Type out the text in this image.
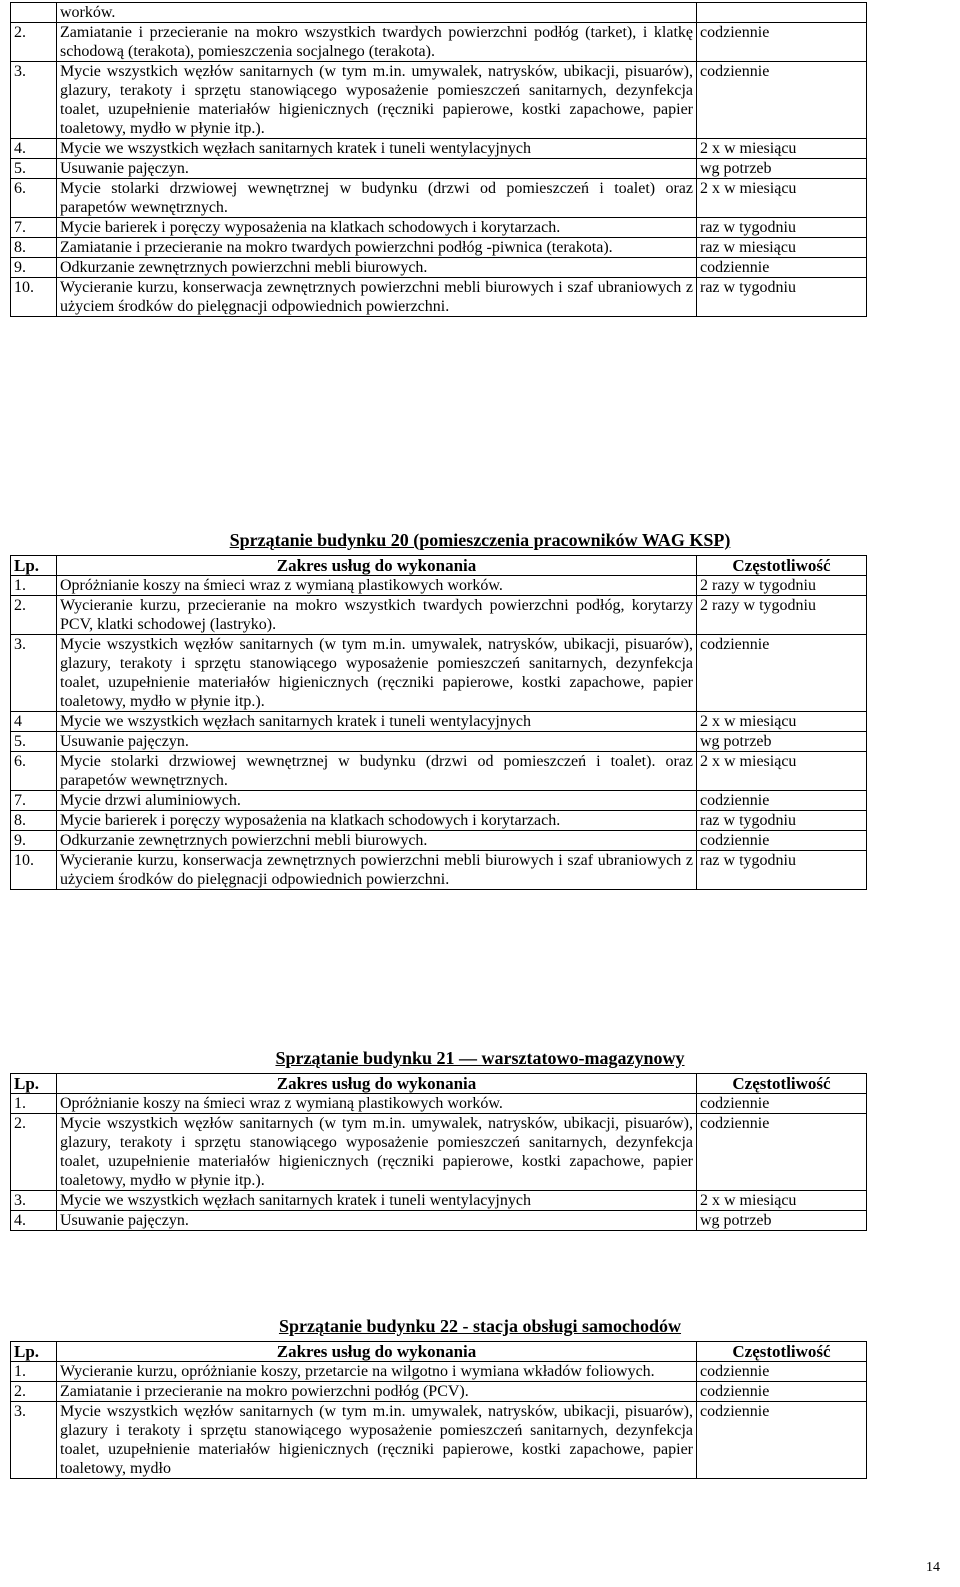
	worków.	
2.	Zamiatanie i przecieranie na mokro wszystkich twardych powierzchni podłóg (tarket), i klatkę schodową (terakota), pomieszczenia socjalnego (terakota).	codziennie
3.	Mycie wszystkich węzłów sanitarnych (w tym m.in. umywalek, natrysków, ubikacji, pisuarów), glazury, terakoty i sprzętu stanowiącego wyposażenie pomieszczeń sanitarnych, dezynfekcja toalet, uzupełnienie materiałów higienicznych (ręczniki papierowe, kostki zapachowe, papier toaletowy, mydło w płynie itp.).	codziennie
4.	Mycie we wszystkich węzłach sanitarnych kratek i tuneli wentylacyjnych	2 x w miesiącu
5.	Usuwanie pajęczyn.	wg potrzeb
6.	Mycie stolarki drzwiowej wewnętrznej w budynku (drzwi od pomieszczeń i toalet) oraz parapetów wewnętrznych.	2 x w miesiącu
7.	Mycie barierek i poręczy wyposażenia na klatkach schodowych i korytarzach.	raz w tygodniu
8.	Zamiatanie i przecieranie na mokro twardych powierzchni podłóg -piwnica (terakota).	raz w miesiącu
9.	Odkurzanie zewnętrznych powierzchni mebli biurowych.	codziennie
10.	Wycieranie kurzu, konserwacja zewnętrznych powierzchni mebli biurowych i szaf ubraniowych z użyciem środków do pielęgnacji odpowiednich powierzchni.	raz w tygodniu
Sprzątanie budynku 20 (pomieszczenia pracowników WAG KSP)
Lp.	Zakres usług do wykonania	Częstotliwość
1.	Opróżnianie koszy na śmieci wraz z wymianą plastikowych worków.	2 razy w tygodniu
2.	Wycieranie kurzu, przecieranie na mokro wszystkich twardych powierzchni podłóg, korytarzy PCV, klatki schodowej (lastryko).	2 razy w tygodniu
3.	Mycie wszystkich węzłów sanitarnych (w tym m.in. umywalek, natrysków, ubikacji, pisuarów), glazury, terakoty i sprzętu stanowiącego wyposażenie pomieszczeń sanitarnych, dezynfekcja toalet, uzupełnienie materiałów higienicznych (ręczniki papierowe, kostki zapachowe, papier toaletowy, mydło w płynie itp.).	codziennie
4	Mycie we wszystkich węzłach sanitarnych kratek i tuneli wentylacyjnych	2 x w miesiącu
5.	Usuwanie pajęczyn.	wg potrzeb
6.	Mycie stolarki drzwiowej wewnętrznej w budynku (drzwi od pomieszczeń i toalet). oraz parapetów wewnętrznych.	2 x w miesiącu
7.	Mycie drzwi aluminiowych.	codziennie
8.	Mycie barierek i poręczy wyposażenia na klatkach schodowych i korytarzach.	raz w tygodniu
9.	Odkurzanie zewnętrznych powierzchni mebli biurowych.	codziennie
10.	Wycieranie kurzu, konserwacja zewnętrznych powierzchni mebli biurowych i szaf ubraniowych z użyciem środków do pielęgnacji odpowiednich powierzchni.	raz w tygodniu
Sprzątanie budynku 21 — warsztatowo-magazynowy
Lp.	Zakres usług do wykonania	Częstotliwość
1.	Opróżnianie koszy na śmieci wraz z wymianą plastikowych worków.	codziennie
2.	Mycie wszystkich węzłów sanitarnych (w tym m.in. umywalek, natrysków, ubikacji, pisuarów), glazury, terakoty i sprzętu stanowiącego wyposażenie pomieszczeń sanitarnych, dezynfekcja toalet, uzupełnienie materiałów higienicznych (ręczniki papierowe, kostki zapachowe, papier toaletowy, mydło w płynie itp.).	codziennie
3.	Mycie we wszystkich węzłach sanitarnych kratek i tuneli wentylacyjnych	2 x w miesiącu
4.	Usuwanie pajęczyn.	wg potrzeb
Sprzątanie budynku 22 - stacja obsługi samochodów
Lp.	Zakres usług do wykonania	Częstotliwość
1.	Wycieranie kurzu, opróżnianie koszy, przetarcie na wilgotno i wymiana wkładów foliowych.	codziennie
2.	Zamiatanie i przecieranie na mokro powierzchni podłóg (PCV).	codziennie
3.	Mycie wszystkich węzłów sanitarnych (w tym m.in. umywalek, natrysków, ubikacji, pisuarów), glazury i terakoty i sprzętu stanowiącego wyposażenie pomieszczeń sanitarnych, dezynfekcja toalet, uzupełnienie materiałów higienicznych (ręczniki papierowe, kostki zapachowe, papier toaletowy, mydło	codziennie
14
